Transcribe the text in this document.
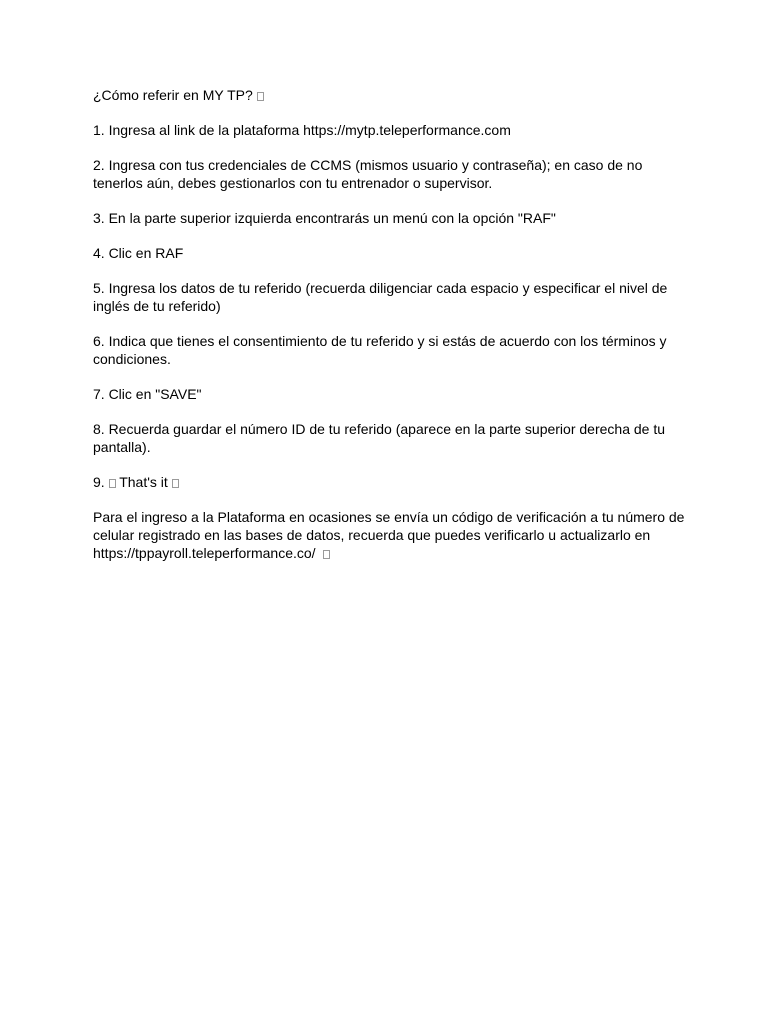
¿Cómo referir en MY TP?

1. Ingresa al link de la plataforma https://mytp.teleperformance.com

2. Ingresa con tus credenciales de CCMS (mismos usuario y contraseña); en caso de no tenerlos aún, debes gestionarlos con tu entrenador o supervisor.

3. En la parte superior izquierda encontrarás un menú con la opción "RAF"

4. Clic en RAF

5. Ingresa los datos de tu referido (recuerda diligenciar cada espacio y especificar el nivel de inglés de tu referido)

6. Indica que tienes el consentimiento de tu referido y si estás de acuerdo con los términos y condiciones.

7. Clic en "SAVE"

8. Recuerda guardar el número ID de tu referido (aparece en la parte superior derecha de tu pantalla).

9. That's it

Para el ingreso a la Plataforma en ocasiones se envía un código de verificación a tu número de celular registrado en las bases de datos, recuerda que puedes verificarlo u actualizarlo en https://tppayroll.teleperformance.co/
